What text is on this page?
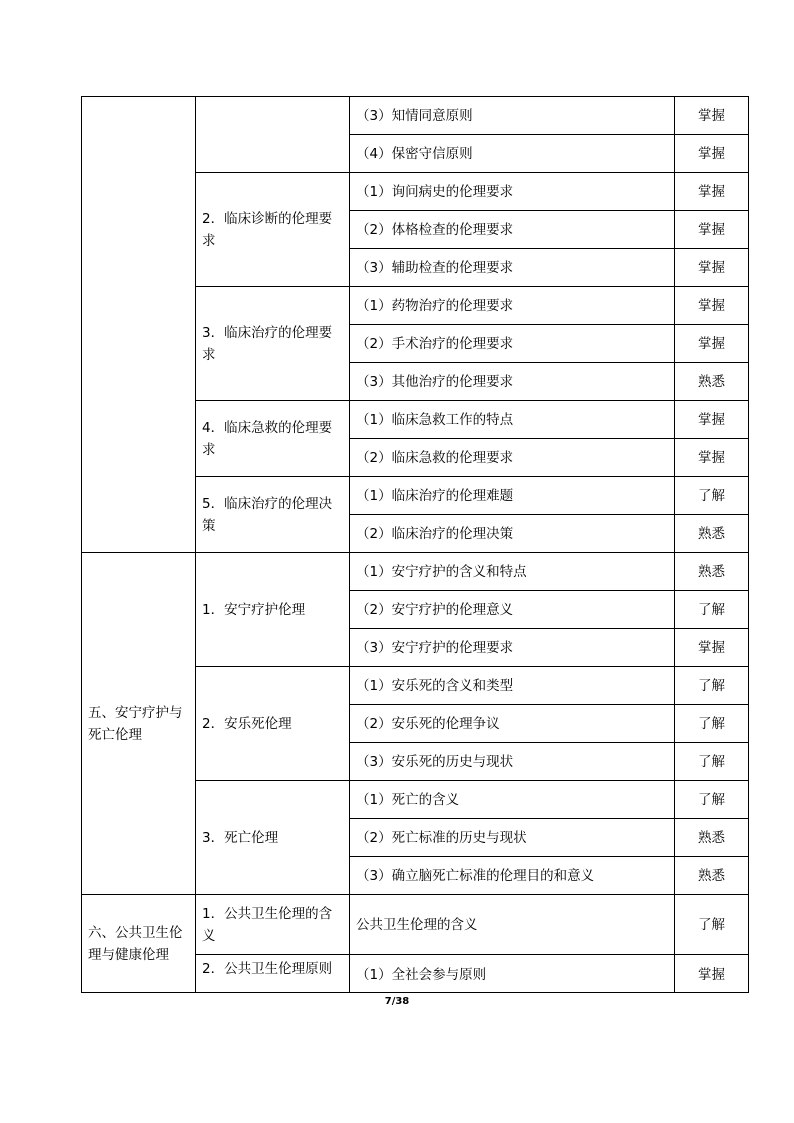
		（3）知情同意原则	掌握
		（4）保密守信原则	掌握
	2．临床诊断的伦理要求	（1）询问病史的伦理要求	掌握
		（2）体格检查的伦理要求	掌握
		（3）辅助检查的伦理要求	掌握
	3．临床治疗的伦理要求	（1）药物治疗的伦理要求	掌握
		（2）手术治疗的伦理要求	掌握
		（3）其他治疗的伦理要求	熟悉
	4．临床急救的伦理要求	（1）临床急救工作的特点	掌握
		（2）临床急救的伦理要求	掌握
	5．临床治疗的伦理决策	（1）临床治疗的伦理难题	了解
		（2）临床治疗的伦理决策	熟悉
五、安宁疗护与死亡伦理	1．安宁疗护伦理	（1）安宁疗护的含义和特点	熟悉
		（2）安宁疗护的伦理意义	了解
		（3）安宁疗护的伦理要求	掌握
	2．安乐死伦理	（1）安乐死的含义和类型	了解
		（2）安乐死的伦理争议	了解
		（3）安乐死的历史与现状	了解
	3．死亡伦理	（1）死亡的含义	了解
		（2）死亡标准的历史与现状	熟悉
		（3）确立脑死亡标准的伦理目的和意义	熟悉
六、公共卫生伦理与健康伦理	1．公共卫生伦理的含义	公共卫生伦理的含义	了解
	2．公共卫生伦理原则	（1）全社会参与原则	掌握
7/38
